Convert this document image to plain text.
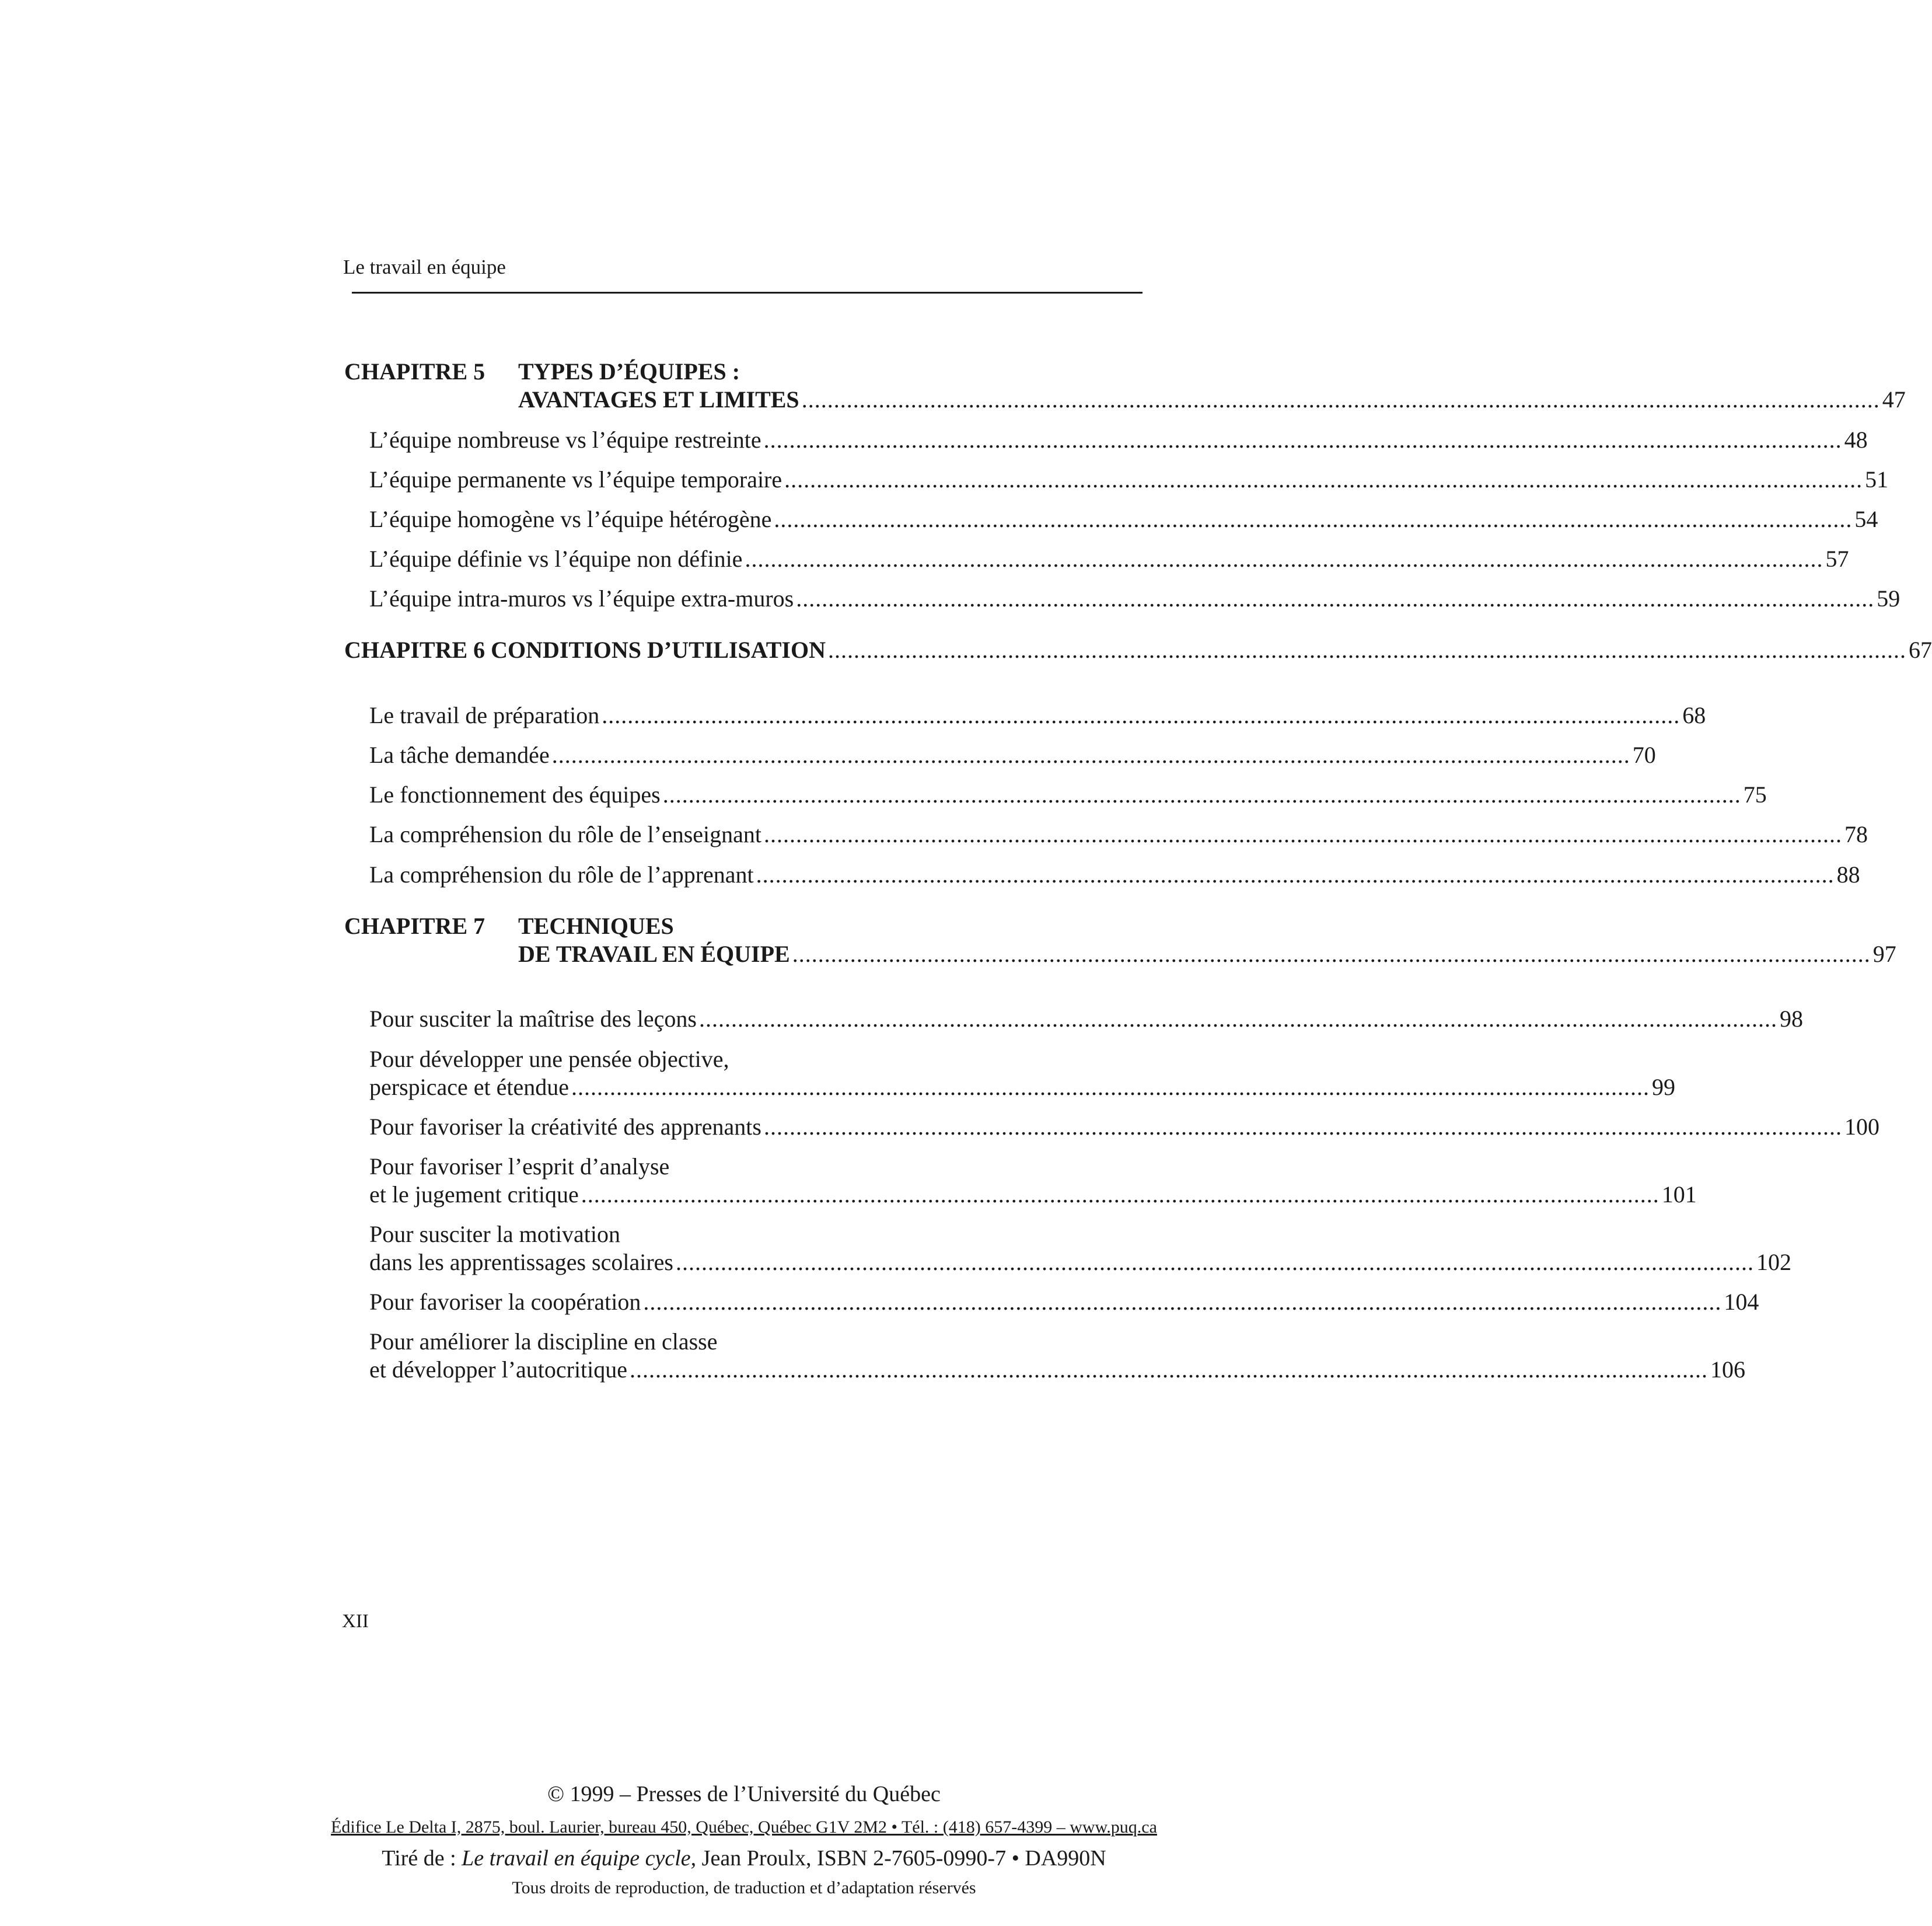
Le travail en équipe
CHAPITRE 5 TYPES D’ÉQUIPES :
AVANTAGES ET LIMITES ........................................................................................................................................................................ 47
L’équipe nombreuse vs l’équipe restreinte ........................................................................................................................................................................ 48
L’équipe permanente vs l’équipe temporaire ........................................................................................................................................................................ 51
L’équipe homogène vs l’équipe hétérogène ........................................................................................................................................................................ 54
L’équipe définie vs l’équipe non définie ........................................................................................................................................................................ 57
L’équipe intra-muros vs l’équipe extra-muros ........................................................................................................................................................................ 59
CHAPITRE 6 CONDITIONS D’UTILISATION ........................................................................................................................................................................ 67
Le travail de préparation ........................................................................................................................................................................ 68
La tâche demandée ........................................................................................................................................................................ 70
Le fonctionnement des équipes ........................................................................................................................................................................ 75
La compréhension du rôle de l’enseignant ........................................................................................................................................................................ 78
La compréhension du rôle de l’apprenant ........................................................................................................................................................................ 88
CHAPITRE 7 TECHNIQUES
DE TRAVAIL EN ÉQUIPE ........................................................................................................................................................................ 97
Pour susciter la maîtrise des leçons ........................................................................................................................................................................ 98
Pour développer une pensée objective,
perspicace et étendue ........................................................................................................................................................................ 99
Pour favoriser la créativité des apprenants ........................................................................................................................................................................ 100
Pour favoriser l’esprit d’analyse
et le jugement critique ........................................................................................................................................................................ 101
Pour susciter la motivation
dans les apprentissages scolaires ........................................................................................................................................................................ 102
Pour favoriser la coopération ........................................................................................................................................................................ 104
Pour améliorer la discipline en classe
et développer l’autocritique ........................................................................................................................................................................ 106
XII
© 1999 – Presses de l’Université du Québec
Édifice Le Delta I, 2875, boul. Laurier, bureau 450, Québec, Québec G1V 2M2 • Tél. : (418) 657-4399 – www.puq.ca
Tiré de : Le travail en équipe cycle, Jean Proulx, ISBN 2-7605-0990-7 • DA990N
Tous droits de reproduction, de traduction et d’adaptation réservés
